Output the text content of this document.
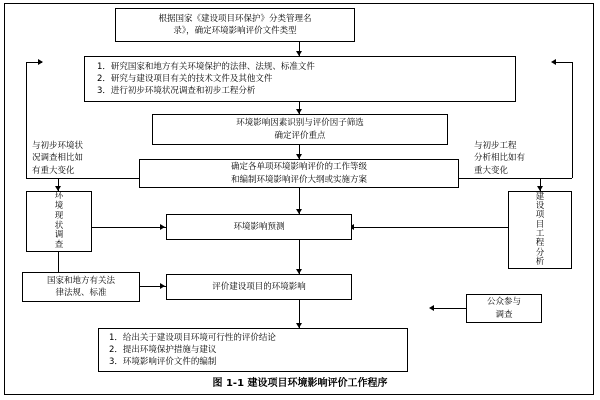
根据国家《建设项目环保护》分类管理名
录》，确定环境影响评价文件类型
1．研究国家和地方有关环境保护的法律、法规、标准文件
2．研究与建设项目有关的技术文件及其他文件
3．进行初步环境状况调查和初步工程分析
环境影响因素识别与评价因子筛选
确定评价重点
确定各单项环境影响评价的工作等级
和编制环境影响评价大纲或实施方案
环
境
现
状
调
查
建
设
项
目
工
程
分
析
环境影响预测
国家和地方有关法
律法规、标准
评价建设项目的环境影响
公众参与
调查
1．给出关于建设项目环境可行性的评价结论
2．提出环境保护措施与建议
3．环境影响评价文件的编制
与初步环境状
况调查相比如
有重大变化
与初步工程
分析相比如有
重大变化
图 1-1 建设项目环境影响评价工作程序
